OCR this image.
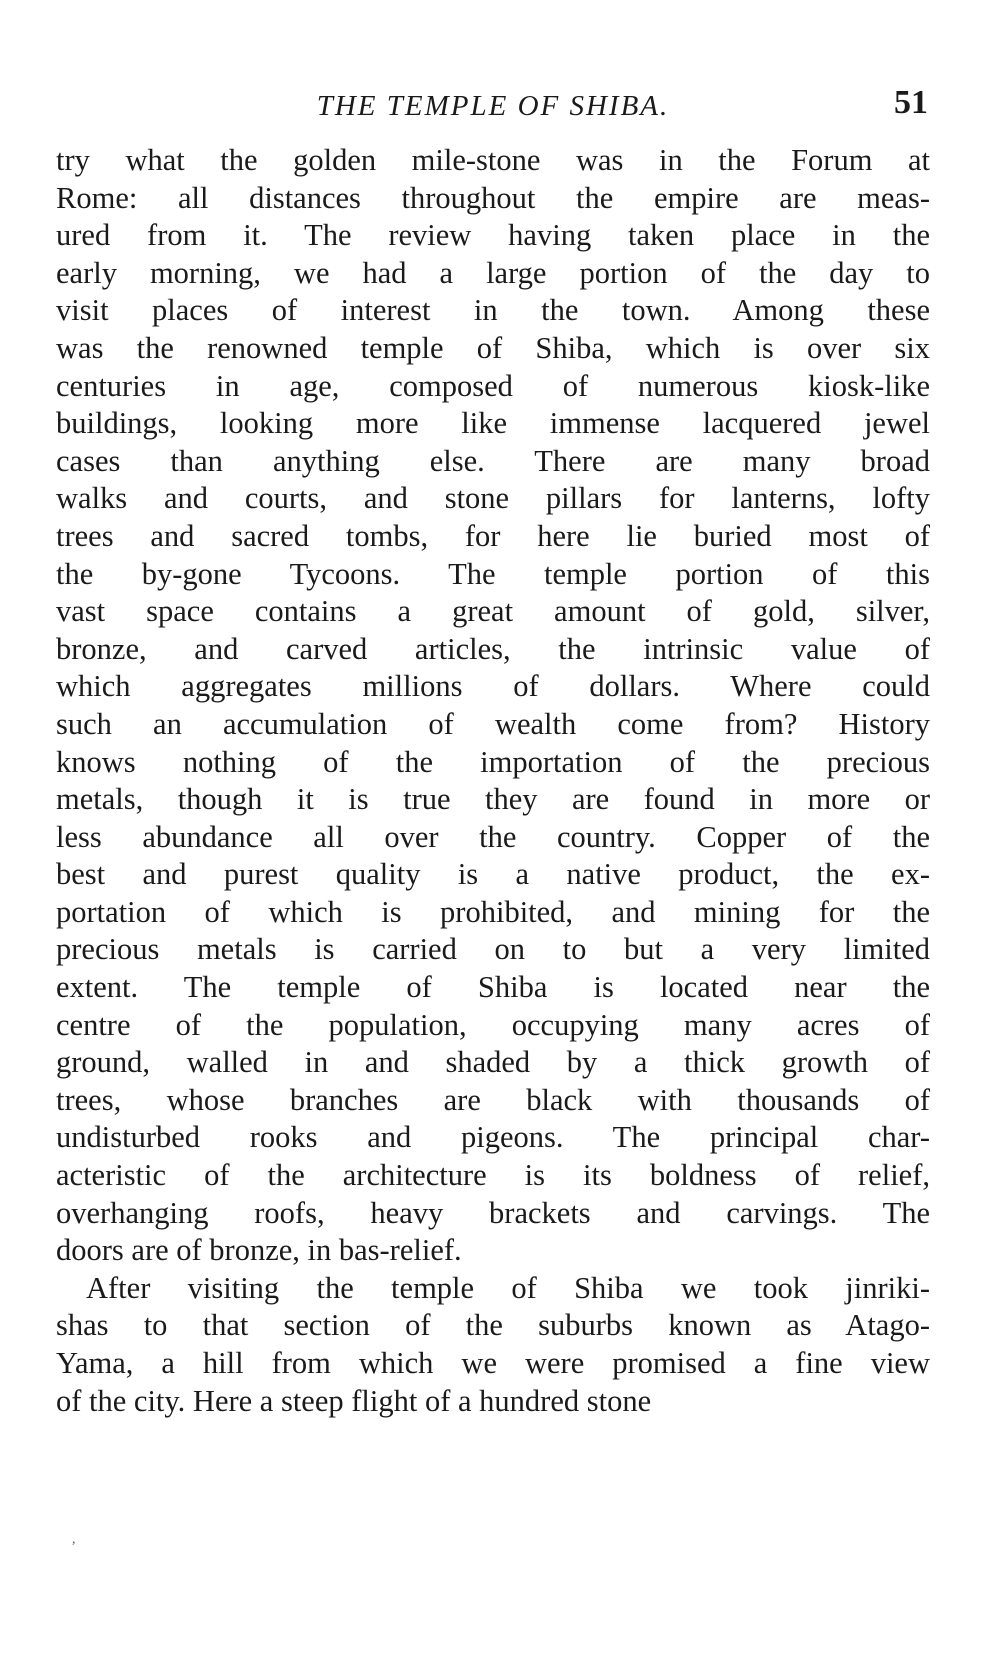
THE TEMPLE OF SHIBA.	51
try what the golden mile-stone was in the Forum at
Rome: all distances throughout the empire are meas-
ured from it. The review having taken place in the
early morning, we had a large portion of the day to
visit places of interest in the town. Among these
was the renowned temple of Shiba, which is over six
centuries in age, composed of numerous kiosk-like
buildings, looking more like immense lacquered jewel
cases than anything else. There are many broad
walks and courts, and stone pillars for lanterns, lofty
trees and sacred tombs, for here lie buried most of
the by-gone Tycoons. The temple portion of this
vast space contains a great amount of gold, silver,
bronze, and carved articles, the intrinsic value of
which aggregates millions of dollars. Where could
such an accumulation of wealth come from? History
knows nothing of the importation of the precious
metals, though it is true they are found in more or
less abundance all over the country. Copper of the
best and purest quality is a native product, the ex-
portation of which is prohibited, and mining for the
precious metals is carried on to but a very limited
extent. The temple of Shiba is located near the
centre of the population, occupying many acres of
ground, walled in and shaded by a thick growth of
trees, whose branches are black with thousands of
undisturbed rooks and pigeons. The principal char-
acteristic of the architecture is its boldness of relief,
overhanging roofs, heavy brackets and carvings. The
doors are of bronze, in bas-relief.
After visiting the temple of Shiba we took jinriki-
shas to that section of the suburbs known as Atago-
Yama, a hill from which we were promised a fine view
of the city. Here a steep flight of a hundred stone
,
